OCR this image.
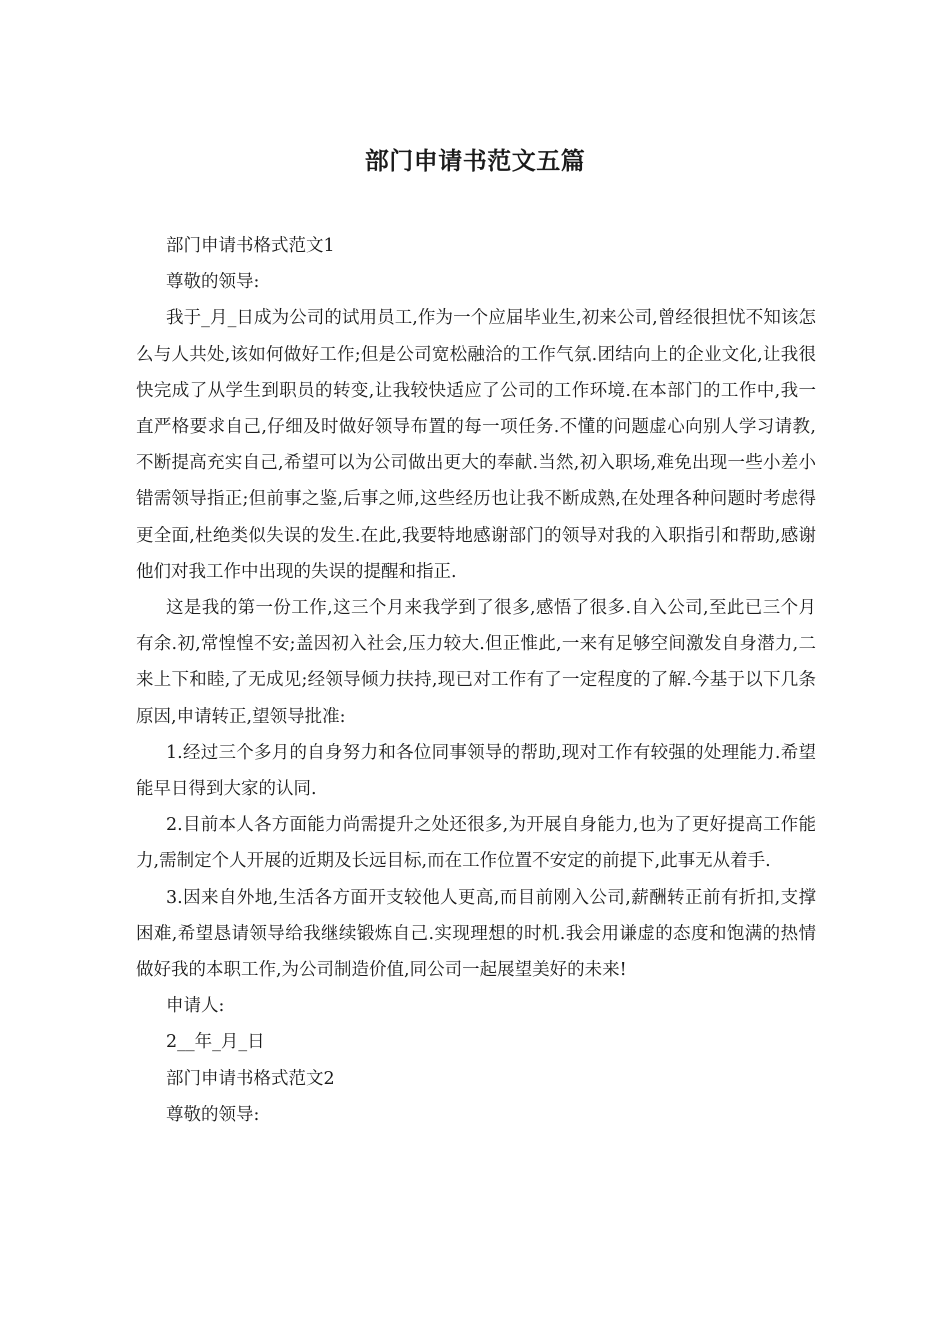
部门申请书范文五篇

部门申请书格式范文1

尊敬的领导:

我于_月_日成为公司的试用员工,作为一个应届毕业生,初来公司,曾经很担忧不知该怎么与人共处,该如何做好工作;但是公司宽松融洽的工作气氛.团结向上的企业文化,让我很快完成了从学生到职员的转变,让我较快适应了公司的工作环境.在本部门的工作中,我一直严格要求自己,仔细及时做好领导布置的每一项任务.不懂的问题虚心向别人学习请教,不断提高充实自己,希望可以为公司做出更大的奉献.当然,初入职场,难免出现一些小差小错需领导指正;但前事之鉴,后事之师,这些经历也让我不断成熟,在处理各种问题时考虑得更全面,杜绝类似失误的发生.在此,我要特地感谢部门的领导对我的入职指引和帮助,感谢他们对我工作中出现的失误的提醒和指正.

这是我的第一份工作,这三个月来我学到了很多,感悟了很多.自入公司,至此已三个月有余.初,常惶惶不安;盖因初入社会,压力较大.但正惟此,一来有足够空间激发自身潜力,二来上下和睦,了无成见;经领导倾力扶持,现已对工作有了一定程度的了解.今基于以下几条原因,申请转正,望领导批准:

1.经过三个多月的自身努力和各位同事领导的帮助,现对工作有较强的处理能力.希望能早日得到大家的认同.

2.目前本人各方面能力尚需提升之处还很多,为开展自身能力,也为了更好提高工作能力,需制定个人开展的近期及长远目标,而在工作位置不安定的前提下,此事无从着手.

3.因来自外地,生活各方面开支较他人更高,而目前刚入公司,薪酬转正前有折扣,支撑困难,希望恳请领导给我继续锻炼自己.实现理想的时机.我会用谦虚的态度和饱满的热情做好我的本职工作,为公司制造价值,同公司一起展望美好的未来!

申请人:

2__年_月_日

部门申请书格式范文2

尊敬的领导:
